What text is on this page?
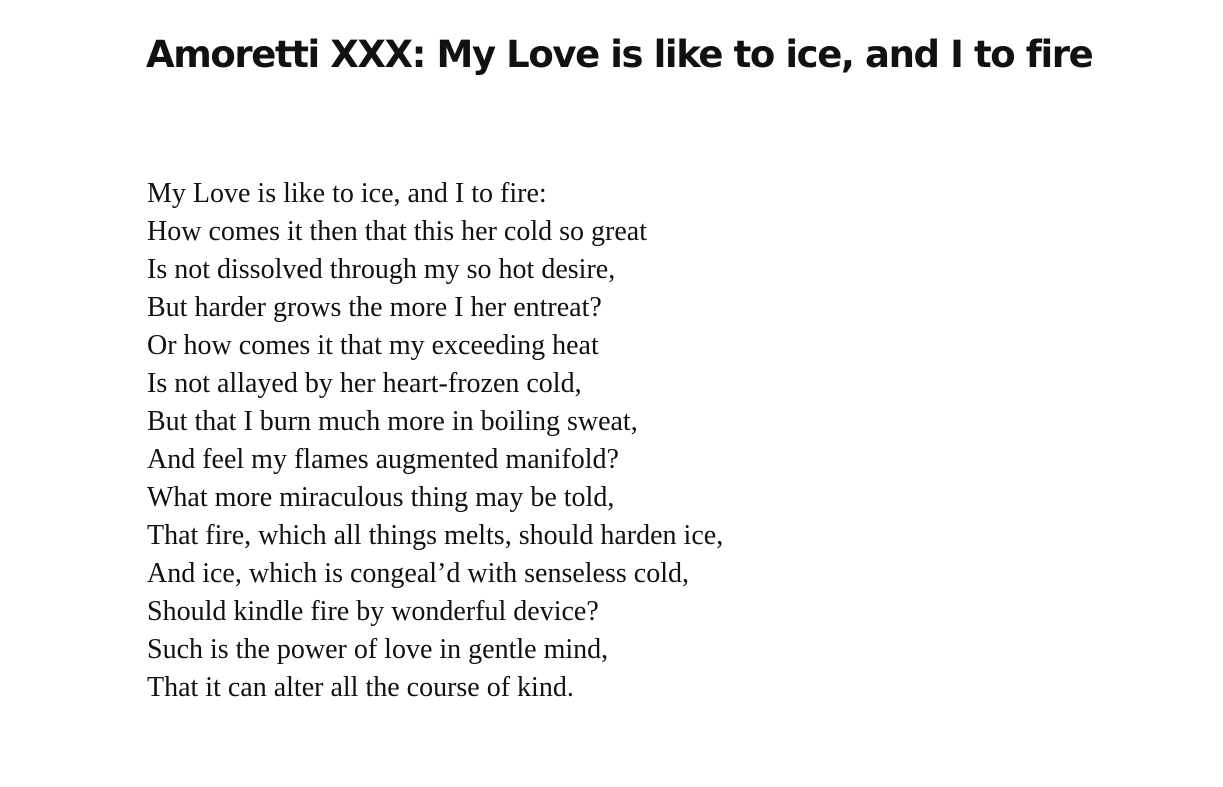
Amoretti XXX: My Love is like to ice, and I to fire
My Love is like to ice, and I to fire:
How comes it then that this her cold so great
Is not dissolved through my so hot desire,
But harder grows the more I her entreat?
Or how comes it that my exceeding heat
Is not allayed by her heart-frozen cold,
But that I burn much more in boiling sweat,
And feel my flames augmented manifold?
What more miraculous thing may be told,
That fire, which all things melts, should harden ice,
And ice, which is congeal’d with senseless cold,
Should kindle fire by wonderful device?
Such is the power of love in gentle mind,
That it can alter all the course of kind.
